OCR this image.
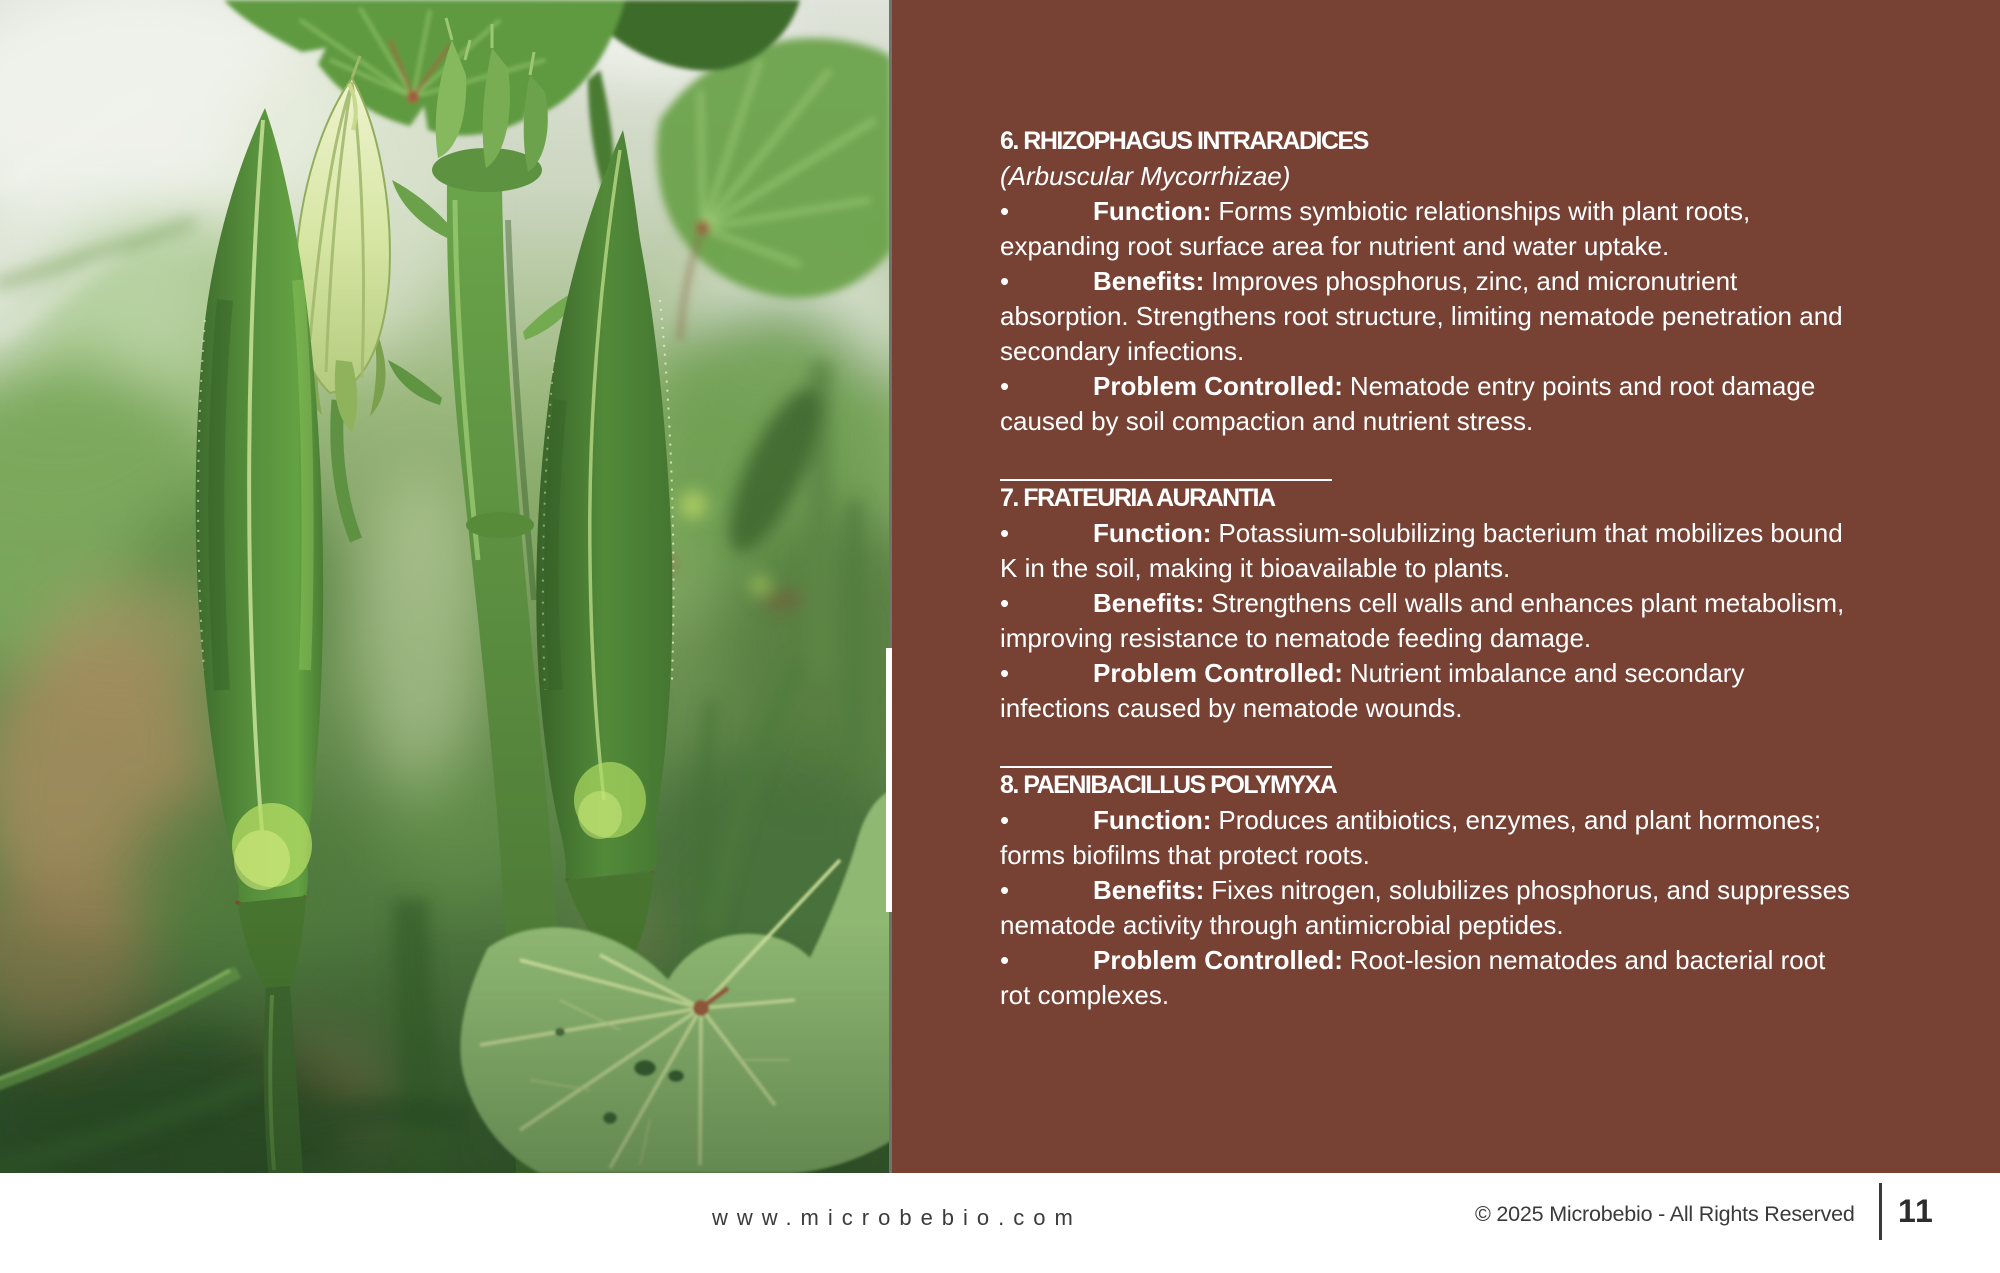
6. RHIZOPHAGUS INTRARADICES

(Arbuscular Mycorrhizae)

•	Function: Forms symbiotic relationships with plant roots, expanding root surface area for nutrient and water uptake.

•	Benefits: Improves phosphorus, zinc, and micronutrient absorption. Strengthens root structure, limiting nematode penetration and secondary infections.

•	Problem Controlled: Nematode entry points and root damage caused by soil compaction and nutrient stress.

7. FRATEURIA AURANTIA

•	Function: Potassium-solubilizing bacterium that mobilizes bound K in the soil, making it bioavailable to plants.

•	Benefits: Strengthens cell walls and enhances plant metabolism, improving resistance to nematode feeding damage.

•	Problem Controlled: Nutrient imbalance and secondary infections caused by nematode wounds.

8. PAENIBACILLUS POLYMYXA

•	Function: Produces antibiotics, enzymes, and plant hormones; forms biofilms that protect roots.

•	Benefits: Fixes nitrogen, solubilizes phosphorus, and suppresses nematode activity through antimicrobial peptides.

•	Problem Controlled: Root-lesion nematodes and bacterial root rot complexes.

www.microbebio.com	© 2025 Microbebio - All Rights Reserved 11
